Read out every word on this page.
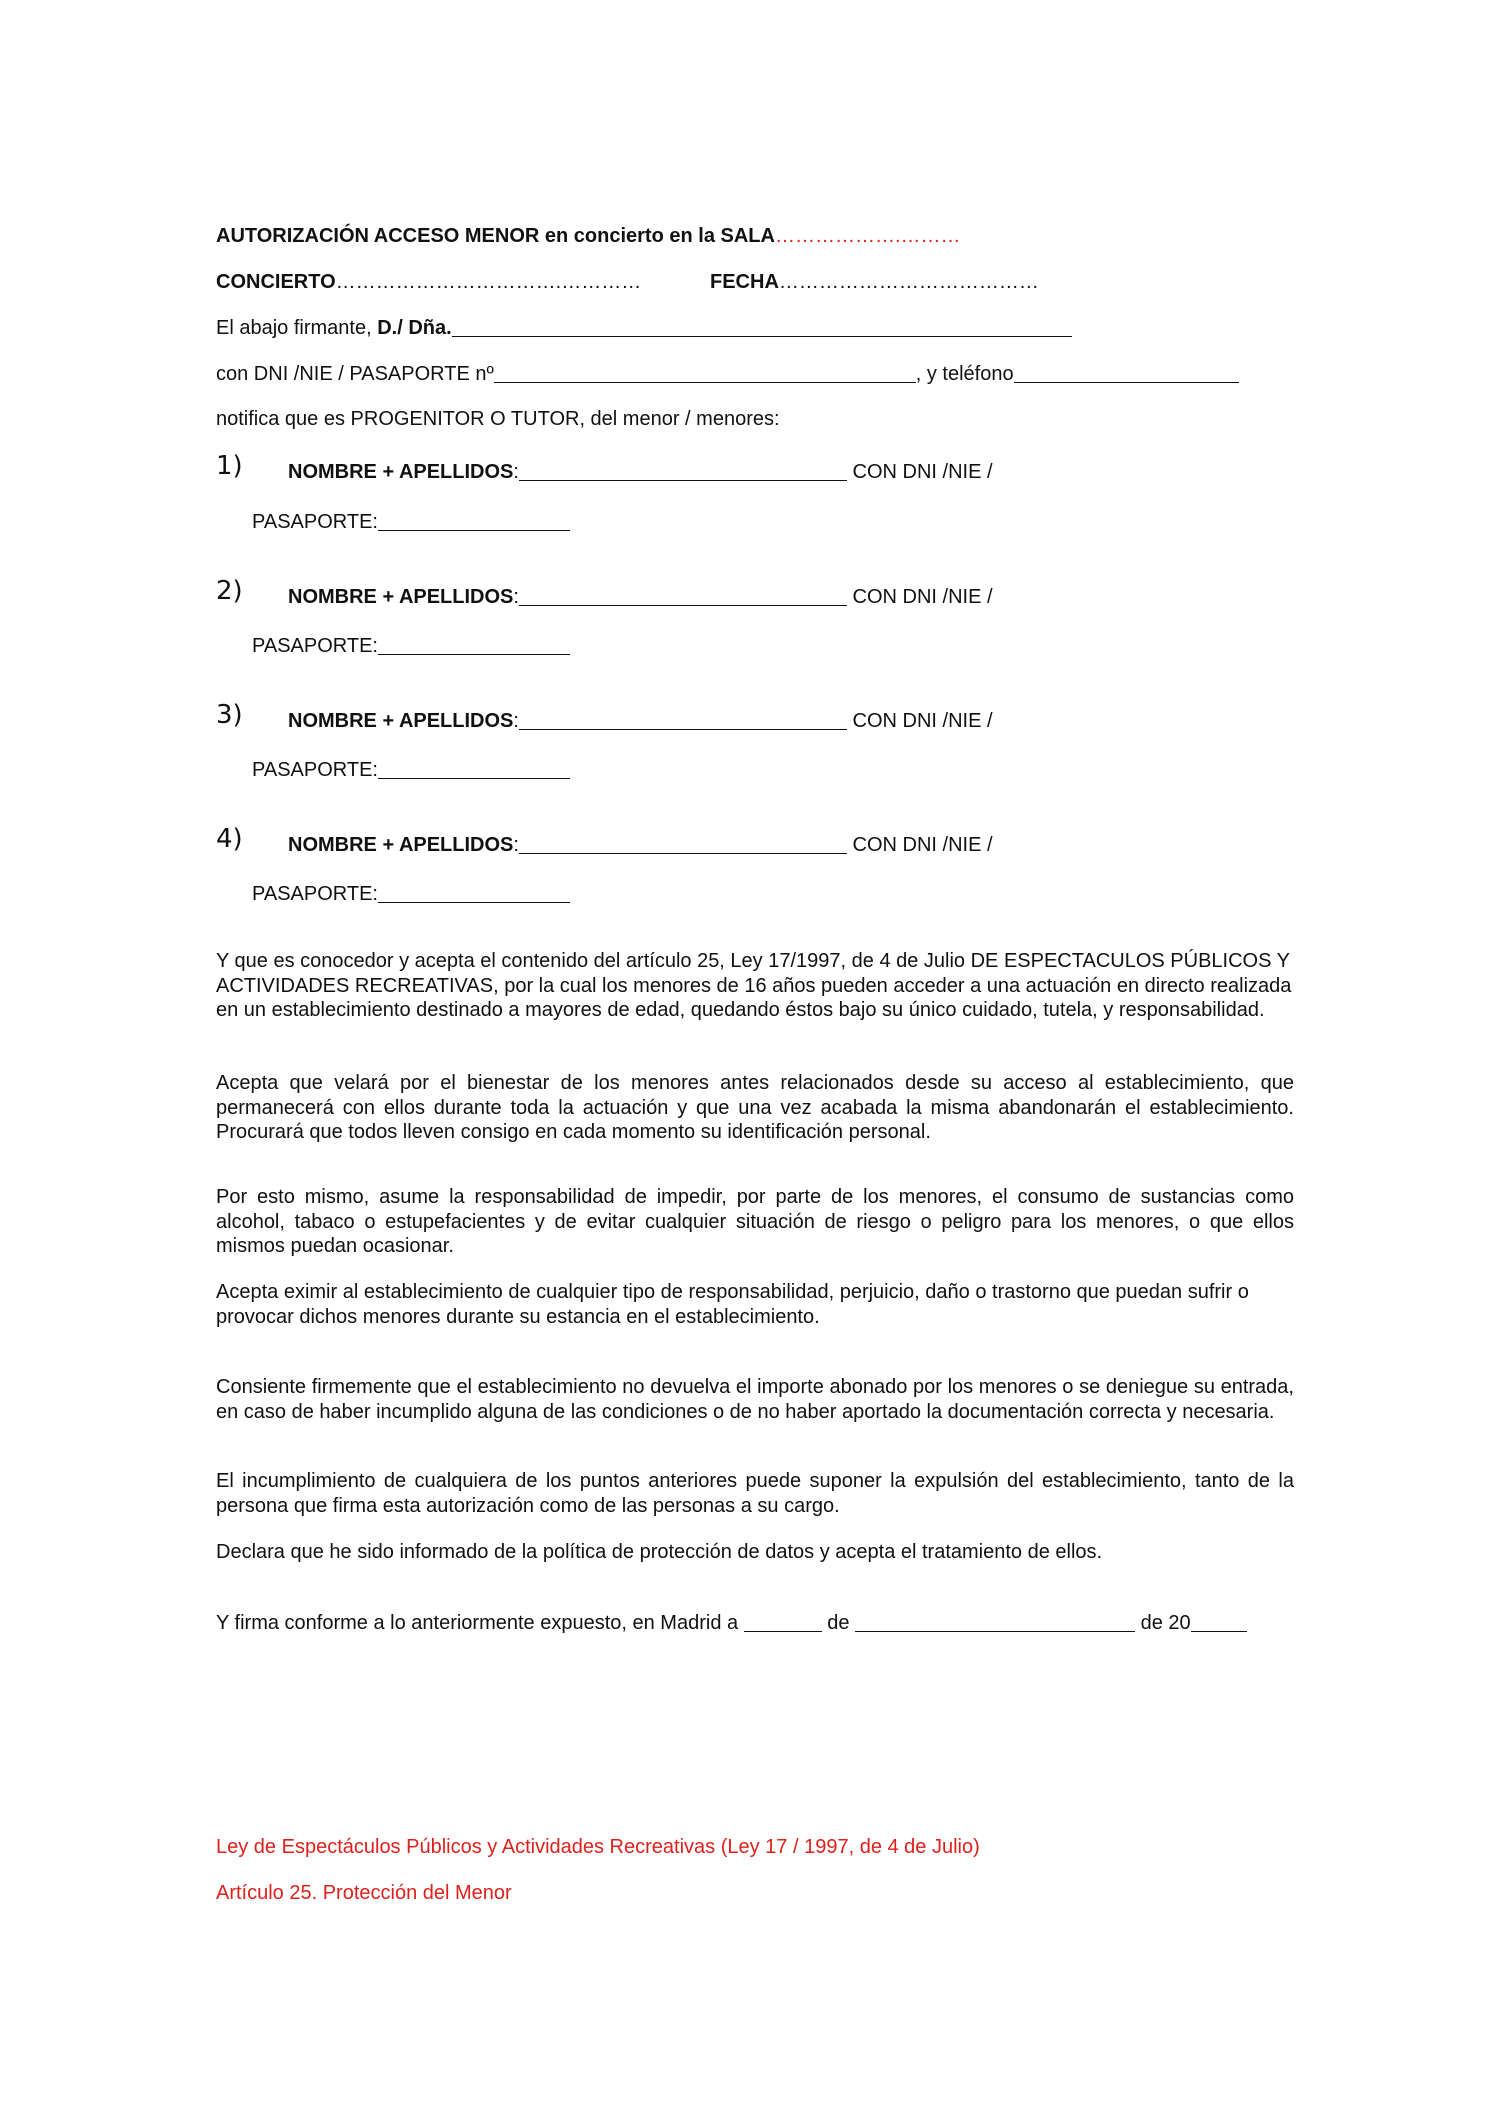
AUTORIZACIÓN ACCESO MENOR en concierto en la SALA……………….………
CONCIERTO…………………………….…………	FECHA…………………………………
El abajo firmante, D./ Dña.
con DNI /NIE / PASAPORTE nº	, y teléfono
notifica que es PROGENITOR O TUTOR, del menor / menores:
1) NOMBRE + APELLIDOS:	CON DNI /NIE /
PASAPORTE:
2) NOMBRE + APELLIDOS:	CON DNI /NIE /
PASAPORTE:
3) NOMBRE + APELLIDOS:	CON DNI /NIE /
PASAPORTE:
4) NOMBRE + APELLIDOS:	CON DNI /NIE /
PASAPORTE:
Y que es conocedor y acepta el contenido del artículo 25, Ley 17/1997, de 4 de Julio DE ESPECTACULOS PÚBLICOS Y ACTIVIDADES RECREATIVAS, por la cual los menores de 16 años pueden acceder a una actuación en directo realizada en un establecimiento destinado a mayores de edad, quedando éstos bajo su único cuidado, tutela, y responsabilidad.
Acepta que velará por el bienestar de los menores antes relacionados desde su acceso al establecimiento, que permanecerá con ellos durante toda la actuación y que una vez acabada la misma abandonarán el establecimiento. Procurará que todos lleven consigo en cada momento su identificación personal.
Por esto mismo, asume la responsabilidad de impedir, por parte de los menores, el consumo de sustancias como alcohol, tabaco o estupefacientes y de evitar cualquier situación de riesgo o peligro para los menores, o que ellos mismos puedan ocasionar.
Acepta eximir al establecimiento de cualquier tipo de responsabilidad, perjuicio, daño o trastorno que puedan sufrir o provocar dichos menores durante su estancia en el establecimiento.
Consiente firmemente que el establecimiento no devuelva el importe abonado por los menores o se deniegue su entrada, en caso de haber incumplido alguna de las condiciones o de no haber aportado la documentación correcta y necesaria.
El incumplimiento de cualquiera de los puntos anteriores puede suponer la expulsión del establecimiento, tanto de la persona que firma esta autorización como de las personas a su cargo.
Declara que he sido informado de la política de protección de datos y acepta el tratamiento de ellos.
Y firma conforme a lo anteriormente expuesto, en Madrid a	de	de 20
Ley de Espectáculos Públicos y Actividades Recreativas (Ley 17 / 1997, de 4 de Julio)
Artículo 25. Protección del Menor
